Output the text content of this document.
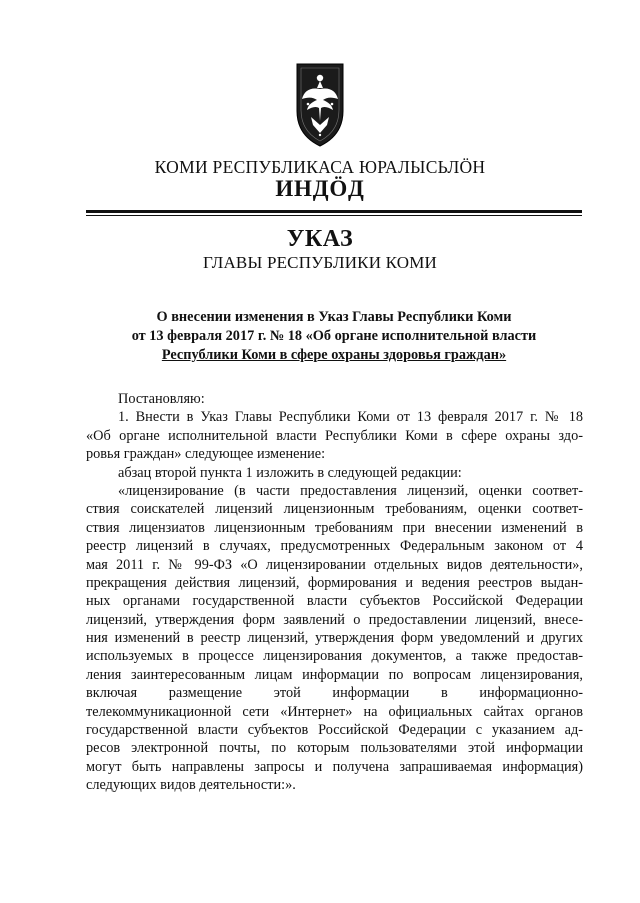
КОМИ РЕСПУБЛИКАСА ЮРАЛЫСЬЛӦН
ИНДӦД
УКАЗ
ГЛАВЫ РЕСПУБЛИКИ КОМИ
О внесении изменения в Указ Главы Республики Коми
от 13 февраля 2017 г. № 18 «Об органе исполнительной власти
Республики Коми в сфере охраны здоровья граждан»
Постановляю:
1. Внести в Указ Главы Республики Коми от 13 февраля 2017 г. № 18
«Об органе исполнительной власти Республики Коми в сфере охраны здо-
ровья граждан» следующее изменение:
абзац второй пункта 1 изложить в следующей редакции:
«лицензирование (в части предоставления лицензий, оценки соответ-
ствия соискателей лицензий лицензионным требованиям, оценки соответ-
ствия лицензиатов лицензионным требованиям при внесении изменений в
реестр лицензий в случаях, предусмотренных Федеральным законом от 4
мая 2011 г. № 99-ФЗ «О лицензировании отдельных видов деятельности»,
прекращения действия лицензий, формирования и ведения реестров выдан-
ных органами государственной власти субъектов Российской Федерации
лицензий, утверждения форм заявлений о предоставлении лицензий, внесе-
ния изменений в реестр лицензий, утверждения форм уведомлений и других
используемых в процессе лицензирования документов, а также предостав-
ления заинтересованным лицам информации по вопросам лицензирования,
включая размещение этой информации в информационно-
телекоммуникационной сети «Интернет» на официальных сайтах органов
государственной власти субъектов Российской Федерации с указанием ад-
ресов электронной почты, по которым пользователями этой информации
могут быть направлены запросы и получена запрашиваемая информация)
следующих видов деятельности:».
